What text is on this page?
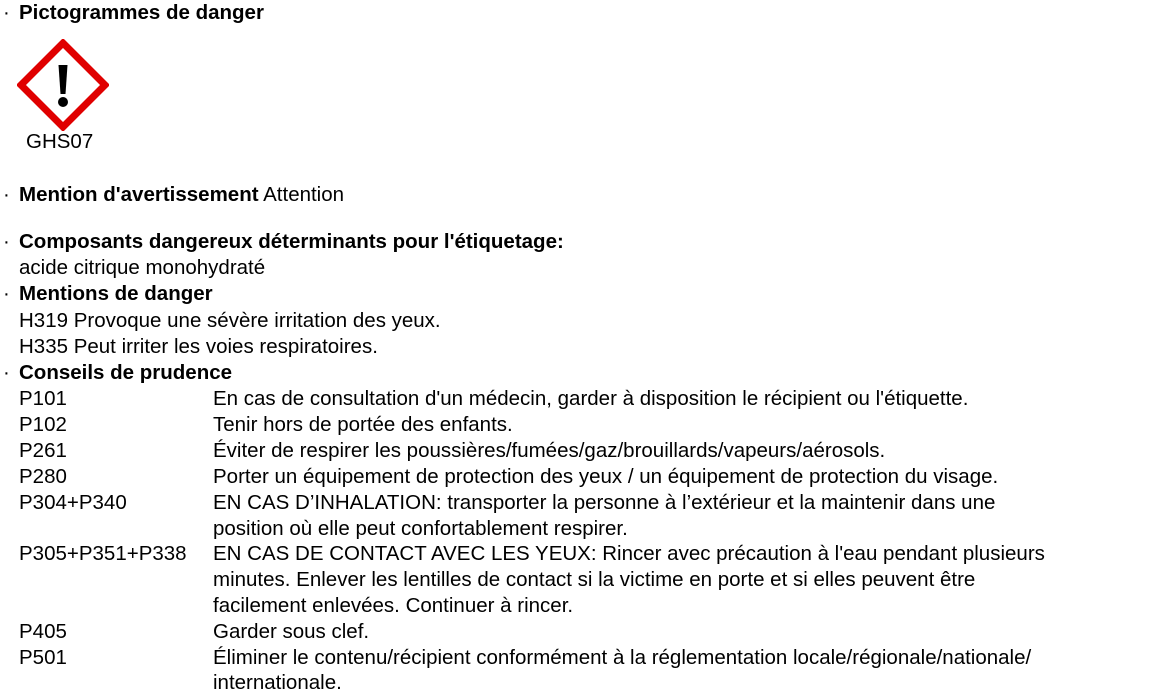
· Pictogrammes de danger
GHS07
· Mention d'avertissement Attention
· Composants dangereux déterminants pour l'étiquetage:
acide citrique monohydraté
· Mentions de danger
H319 Provoque une sévère irritation des yeux.
H335 Peut irriter les voies respiratoires.
· Conseils de prudence
P101	En cas de consultation d'un médecin, garder à disposition le récipient ou l'étiquette.
P102	Tenir hors de portée des enfants.
P261	Éviter de respirer les poussières/fumées/gaz/brouillards/vapeurs/aérosols.
P280	Porter un équipement de protection des yeux / un équipement de protection du visage.
P304+P340	EN CAS D’INHALATION: transporter la personne à l’extérieur et la maintenir dans une
position où elle peut confortablement respirer.
P305+P351+P338 EN CAS DE CONTACT AVEC LES YEUX: Rincer avec précaution à l'eau pendant plusieurs
minutes. Enlever les lentilles de contact si la victime en porte et si elles peuvent être
facilement enlevées. Continuer à rincer.
P405	Garder sous clef.
P501	Éliminer le contenu/récipient conformément à la réglementation locale/régionale/nationale/
internationale.
